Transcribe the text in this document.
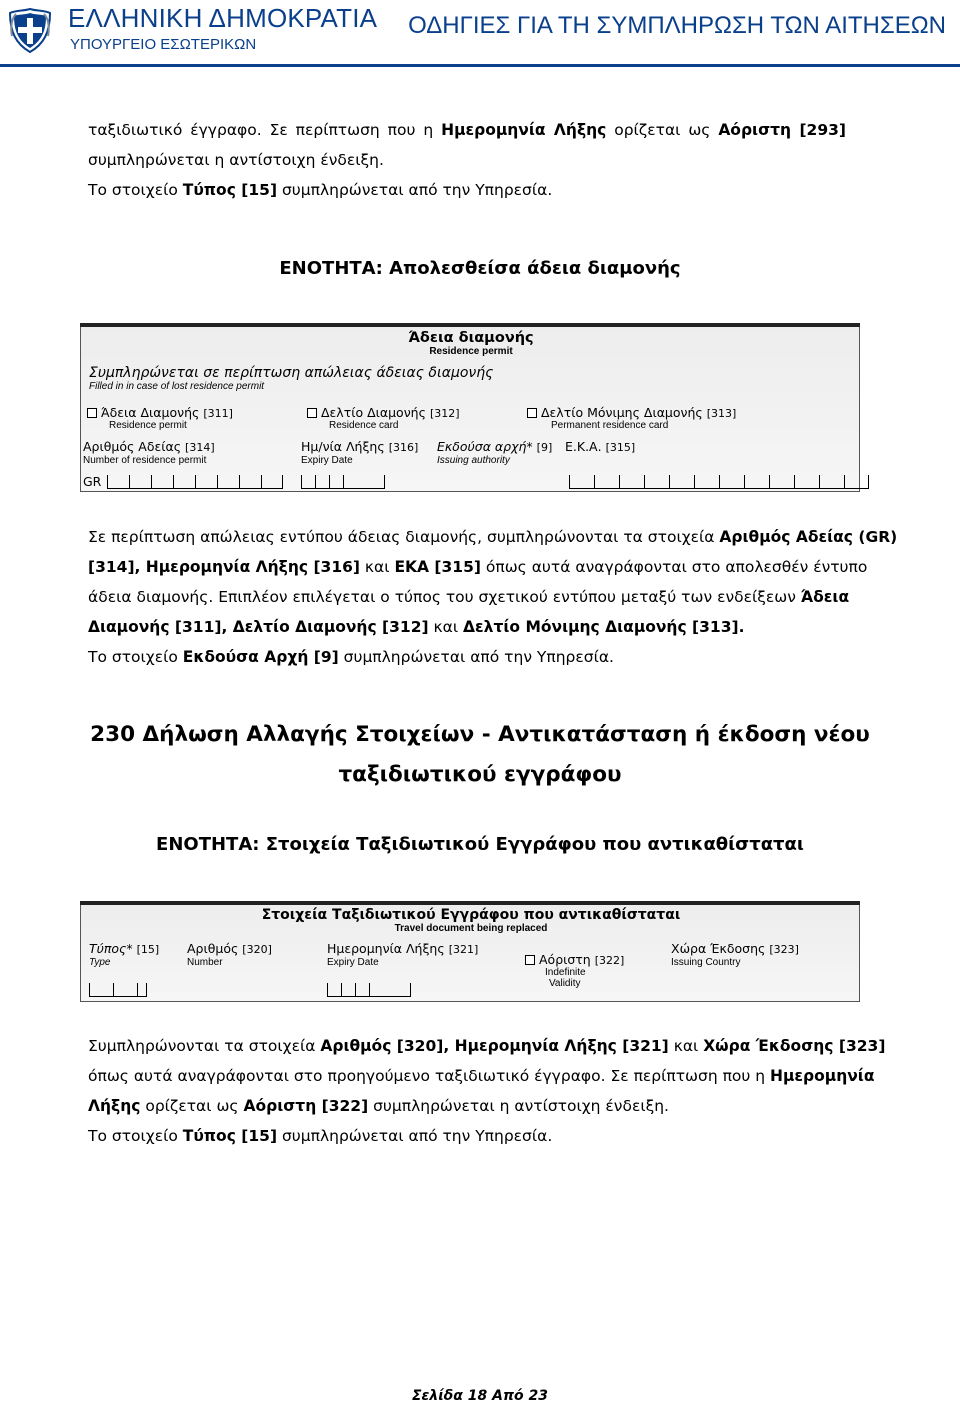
ΕΛΛΗΝΙΚΗ ΔΗΜΟΚΡΑΤΙΑ
ΥΠΟΥΡΓΕΙΟ ΕΣΩΤΕΡΙΚΩΝ
ΟΔΗΓΙΕΣ ΓΙΑ ΤΗ ΣΥΜΠΛΗΡΩΣΗ ΤΩΝ ΑΙΤΗΣΕΩΝ
ταξιδιωτικό έγγραφο. Σε περίπτωση που η Ημερομηνία Λήξης ορίζεται ως Αόριστη [293]
συμπληρώνεται η αντίστοιχη ένδειξη.
Το στοιχείο Τύπος [15] συμπληρώνεται από την Υπηρεσία.
ΕΝΟΤΗΤΑ: Απολεσθείσα άδεια διαμονής
Άδεια διαμονής
Residence permit
Συμπληρώνεται σε περίπτωση απώλειας άδειας διαμονής
Filled in in case of lost residence permit
Άδεια Διαμονής [311]
Residence permit
Δελτίο Διαμονής [312]
Residence card
Δελτίο Μόνιμης Διαμονής [313]
Permanent residence card
Αριθμός Αδείας [314]
Number of residence permit
Ημ/νία Λήξης [316]
Expiry Date
Εκδούσα αρχή* [9]
Issuing authority
Ε.Κ.Α. [315]
GR
Σε περίπτωση απώλειας εντύπου άδειας διαμονής, συμπληρώνονται τα στοιχεία Αριθμός Αδείας (GR)
[314], Ημερομηνία Λήξης [316] και ΕΚΑ [315] όπως αυτά αναγράφονται στο απολεσθέν έντυπο
άδεια διαμονής. Επιπλέον επιλέγεται ο τύπος του σχετικού εντύπου μεταξύ των ενδείξεων Άδεια
Διαμονής [311], Δελτίο Διαμονής [312] και Δελτίο Μόνιμης Διαμονής [313].
Το στοιχείο Εκδούσα Αρχή [9] συμπληρώνεται από την Υπηρεσία.
230 Δήλωση Αλλαγής Στοιχείων - Αντικατάσταση ή έκδοση νέου
ταξιδιωτικού εγγράφου
ΕΝΟΤΗΤΑ: Στοιχεία Ταξιδιωτικού Εγγράφου που αντικαθίσταται
Στοιχεία Ταξιδιωτικού Εγγράφου που αντικαθίσταται
Travel document being replaced
Τύπος* [15]
Type
Αριθμός [320]
Number
Ημερομηνία Λήξης [321]
Expiry Date	Αόριστη [322]
Indefinite
Validity
Χώρα Έκδοσης [323]
Issuing Country
Συμπληρώνονται τα στοιχεία Αριθμός [320], Ημερομηνία Λήξης [321] και Χώρα Έκδοσης [323]
όπως αυτά αναγράφονται στο προηγούμενο ταξιδιωτικό έγγραφο. Σε περίπτωση που η Ημερομηνία
Λήξης ορίζεται ως Αόριστη [322] συμπληρώνεται η αντίστοιχη ένδειξη.
Το στοιχείο Τύπος [15] συμπληρώνεται από την Υπηρεσία.
Σελίδα 18 Από 23
